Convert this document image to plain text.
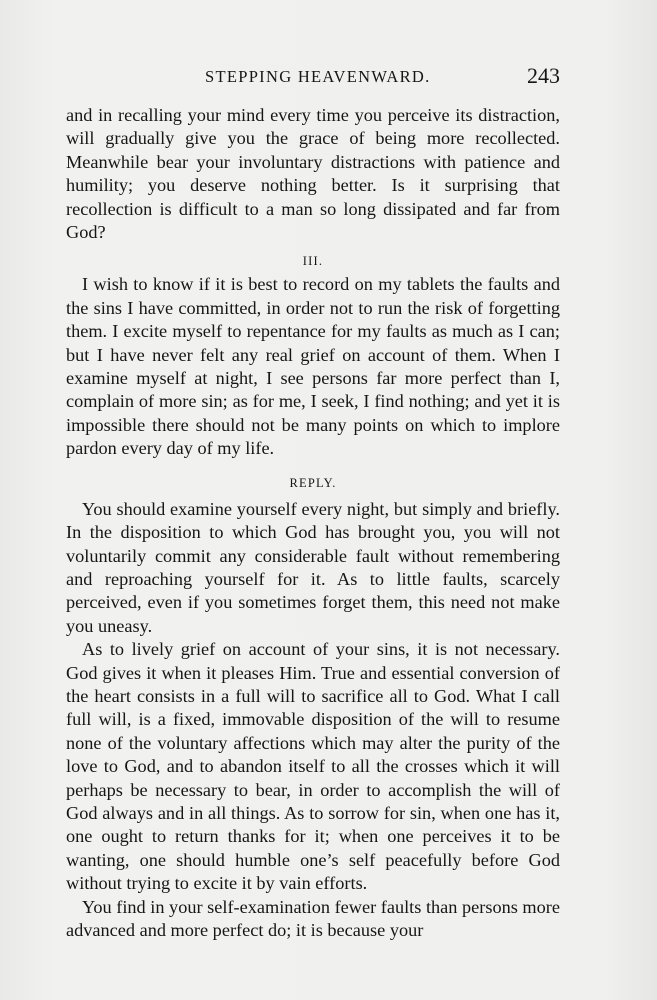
STEPPING HEAVENWARD.	243

and in recalling your mind every time you perceive its distraction, will gradually give you the grace of being more recollected. Meanwhile bear your involuntary distractions with patience and humility; you deserve nothing better. Is it surprising that recollection is difficult to a man so long dissipated and far from God?

III.

I wish to know if it is best to record on my tablets the faults and the sins I have committed, in order not to run the risk of forgetting them. I excite myself to repentance for my faults as much as I can; but I have never felt any real grief on account of them. When I examine myself at night, I see persons far more perfect than I, complain of more sin; as for me, I seek, I find nothing; and yet it is impossible there should not be many points on which to implore pardon every day of my life.

REPLY.

You should examine yourself every night, but simply and briefly. In the disposition to which God has brought you, you will not voluntarily commit any considerable fault without remembering and reproaching yourself for it. As to little faults, scarcely perceived, even if you sometimes forget them, this need not make you uneasy.

As to lively grief on account of your sins, it is not necessary. God gives it when it pleases Him. True and essential conversion of the heart consists in a full will to sacrifice all to God. What I call full will, is a fixed, immovable disposition of the will to resume none of the voluntary affections which may alter the purity of the love to God, and to abandon itself to all the crosses which it will perhaps be necessary to bear, in order to accomplish the will of God always and in all things. As to sorrow for sin, when one has it, one ought to return thanks for it; when one perceives it to be wanting, one should humble one’s self peacefully before God without trying to excite it by vain efforts.

You find in your self-examination fewer faults than persons more advanced and more perfect do; it is because your
